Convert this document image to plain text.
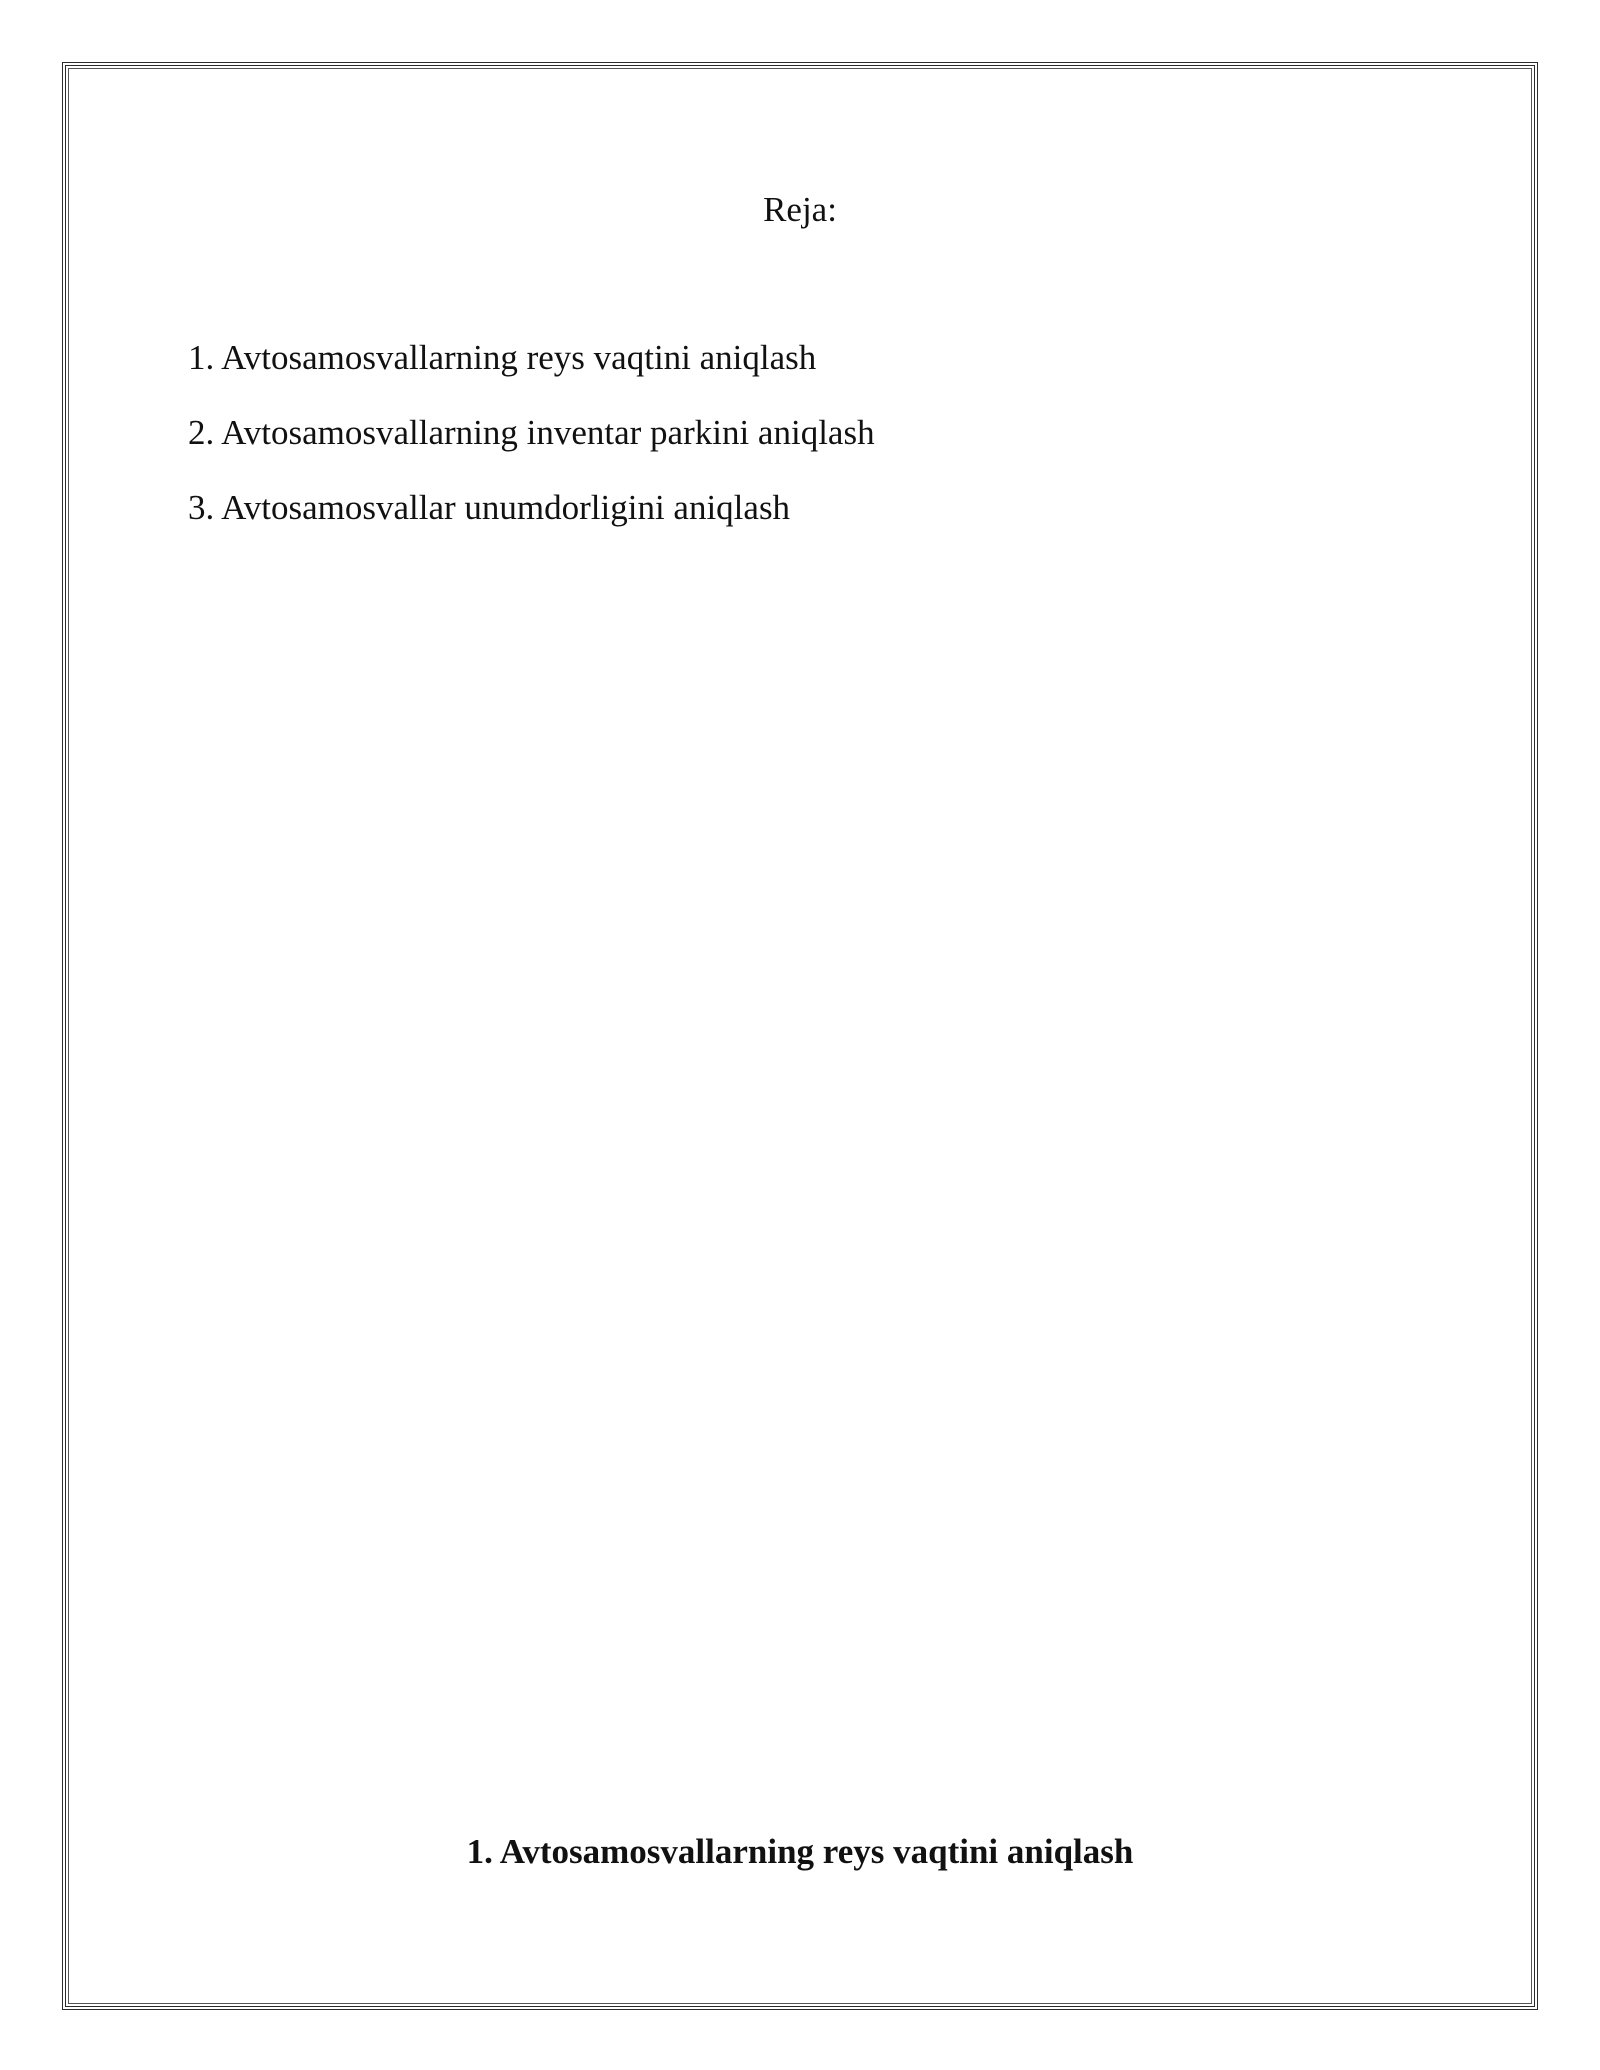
Reja:
1. Avtosamosvallarning reys vaqtini aniqlash
2. Avtosamosvallarning inventar parkini aniqlash
3. Avtosamosvallar unumdorligini aniqlash
1. Avtosamosvallarning reys vaqtini aniqlash
